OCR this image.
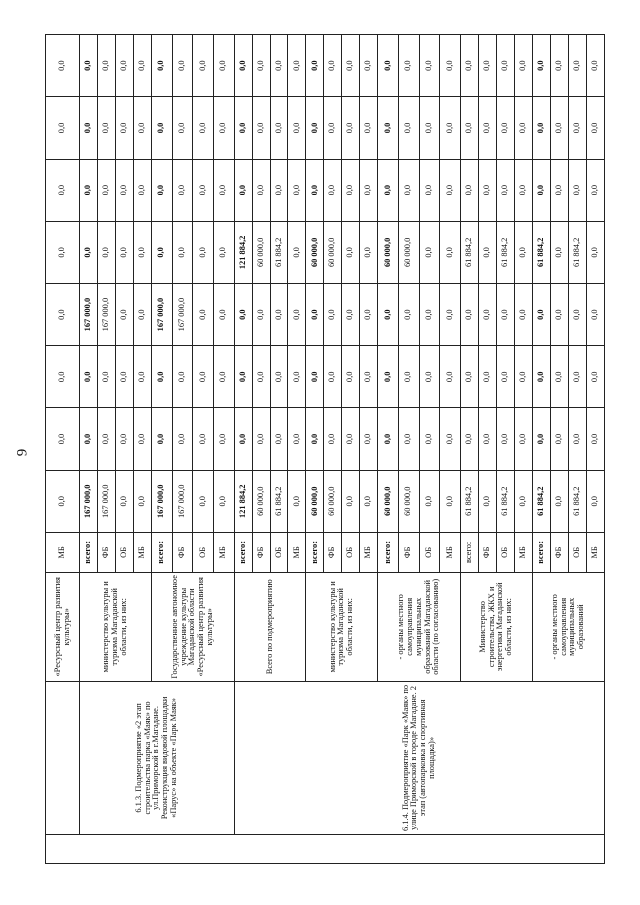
9
		«Ресурсный центр развития культуры»	МБ	0,0	0,0	0,0	0,0	0,0	0,0	0,0	0,0
	6.1.3. Подмероприятие «2 этап строительства парка «Маяк» по ул.Приморской в г.Магадане. Реконструкция видовой площадки «Парус» на объекте «Парк Маяк»	министерство культуры и туризма Магаданской области, из них:	всего:	167 000,0	0,0	0,0	167 000,0	0,0	0,0	0,0	0,0
			ФБ	167 000,0	0,0	0,0	167 000,0	0,0	0,0	0,0	0,0
			ОБ	0,0	0,0	0,0	0,0	0,0	0,0	0,0	0,0
			МБ	0,0	0,0	0,0	0,0	0,0	0,0	0,0	0,0
		Государственное автономное учреждение культуры Магаданской области «Ресурсный центр развития культуры»	всего:	167 000,0	0,0	0,0	167 000,0	0,0	0,0	0,0	0,0
			ФБ	167 000,0	0,0	0,0	167 000,0	0,0	0,0	0,0	0,0
			ОБ	0,0	0,0	0,0	0,0	0,0	0,0	0,0	0,0
			МБ	0,0	0,0	0,0	0,0	0,0	0,0	0,0	0,0
	6.1.4. Подмероприятие «Парк «Маяк» по улице Приморской в городе Магадане. 2 этап (автопарковка и спортивная площадка)»	Всего по подмероприятию	всего:	121 884,2	0,0	0,0	0,0	121 884,2	0,0	0,0	0,0
			ФБ	60 000,0	0,0	0,0	0,0	60 000,0	0,0	0,0	0,0
			ОБ	61 884,2	0,0	0,0	0,0	61 884,2	0,0	0,0	0,0
			МБ	0,0	0,0	0,0	0,0	0,0	0,0	0,0	0,0
		министерство культуры и туризма Магаданской области, из них:	всего:	60 000,0	0,0	0,0	0,0	60 000,0	0,0	0,0	0,0
			ФБ	60 000,0	0,0	0,0	0,0	60 000,0	0,0	0,0	0,0
			ОБ	0,0	0,0	0,0	0,0	0,0	0,0	0,0	0,0
			МБ	0,0	0,0	0,0	0,0	0,0	0,0	0,0	0,0
		- органы местного самоуправления муниципальных образований Магаданской области (по согласованию)	всего:	60 000,0	0,0	0,0	0,0	60 000,0	0,0	0,0	0,0
			ФБ	60 000,0	0,0	0,0	0,0	60 000,0	0,0	0,0	0,0
			ОБ	0,0	0,0	0,0	0,0	0,0	0,0	0,0	0,0
			МБ	0,0	0,0	0,0	0,0	0,0	0,0	0,0	0,0
		Министерство строительства, ЖКХ и энергетики Магаданской области, из них:	всего:	61 884,2	0,0	0,0	0,0	61 884,2	0,0	0,0	0,0
			ФБ	0,0	0,0	0,0	0,0	0,0	0,0	0,0	0,0
			ОБ	61 884,2	0,0	0,0	0,0	61 884,2	0,0	0,0	0,0
			МБ	0,0	0,0	0,0	0,0	0,0	0,0	0,0	0,0
		- органы местного самоуправления муниципальных образований	всего:	61 884,2	0,0	0,0	0,0	61 884,2	0,0	0,0	0,0
			ФБ	0,0	0,0	0,0	0,0	0,0	0,0	0,0	0,0
			ОБ	61 884,2	0,0	0,0	0,0	61 884,2	0,0	0,0	0,0
			МБ	0,0	0,0	0,0	0,0	0,0	0,0	0,0	0,0
